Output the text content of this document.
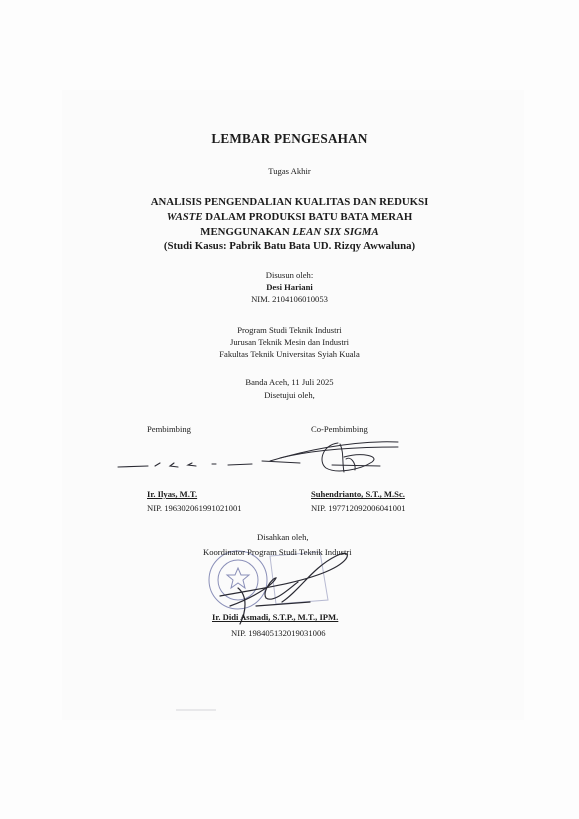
LEMBAR PENGESAHAN
Tugas Akhir
ANALISIS PENGENDALIAN KUALITAS DAN REDUKSI
WASTE DALAM PRODUKSI BATU BATA MERAH
MENGGUNAKAN LEAN SIX SIGMA
(Studi Kasus: Pabrik Batu Bata UD. Rizqy Awwaluna)
Disusun oleh:
Desi Hariani
NIM. 2104106010053
Program Studi Teknik Industri
Jurusan Teknik Mesin dan Industri
Fakultas Teknik Universitas Syiah Kuala
Banda Aceh, 11 Juli 2025
Disetujui oleh,
Pembimbing	Co-Pembimbing
Ir. Ilyas, M.T.	Suhendrianto, S.T., M.Sc.
NIP. 196302061991021001	NIP. 197712092006041001
Disahkan oleh,
Koordinator Program Studi Teknik Industri
Ir. Didi Asmadi, S.T.P., M.T., IPM.
NIP. 198405132019031006
